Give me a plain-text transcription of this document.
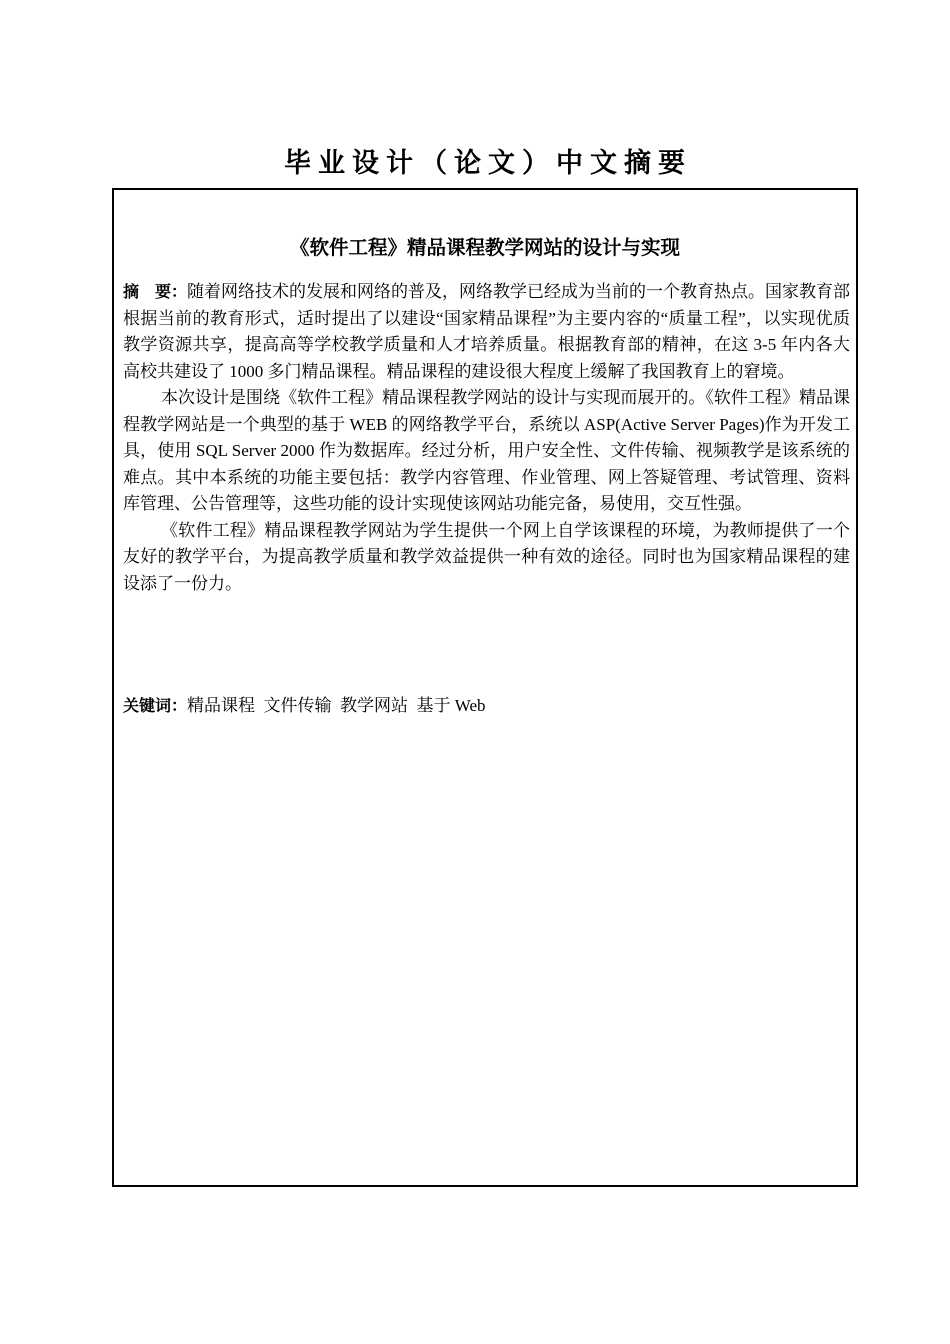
毕业设计（论文）中文摘要
《软件工程》精品课程教学网站的设计与实现

摘　要：随着网络技术的发展和网络的普及，网络教学已经成为当前的一个教育热点。国家教育部根据当前的教育形式，适时提出了以建设“国家精品课程”为主要内容的“质量工程”，以实现优质教学资源共享，提高高等学校教学质量和人才培养质量。根据教育部的精神，在这 3-5 年内各大高校共建设了 1000 多门精品课程。精品课程的建设很大程度上缓解了我国教育上的窘境。

本次设计是围绕《软件工程》精品课程教学网站的设计与实现而展开的。《软件工程》精品课程教学网站是一个典型的基于 WEB 的网络教学平台，系统以 ASP(Active Server Pages)作为开发工具，使用 SQL Server 2000 作为数据库。经过分析，用户安全性、文件传输、视频教学是该系统的难点。其中本系统的功能主要包括：教学内容管理、作业管理、网上答疑管理、考试管理、资料库管理、公告管理等，这些功能的设计实现使该网站功能完备，易使用，交互性强。

《软件工程》精品课程教学网站为学生提供一个网上自学该课程的环境，为教师提供了一个友好的教学平台，为提高教学质量和教学效益提供一种有效的途径。同时也为国家精品课程的建设添了一份力。

关键词：精品课程  文件传输  教学网站  基于 Web
